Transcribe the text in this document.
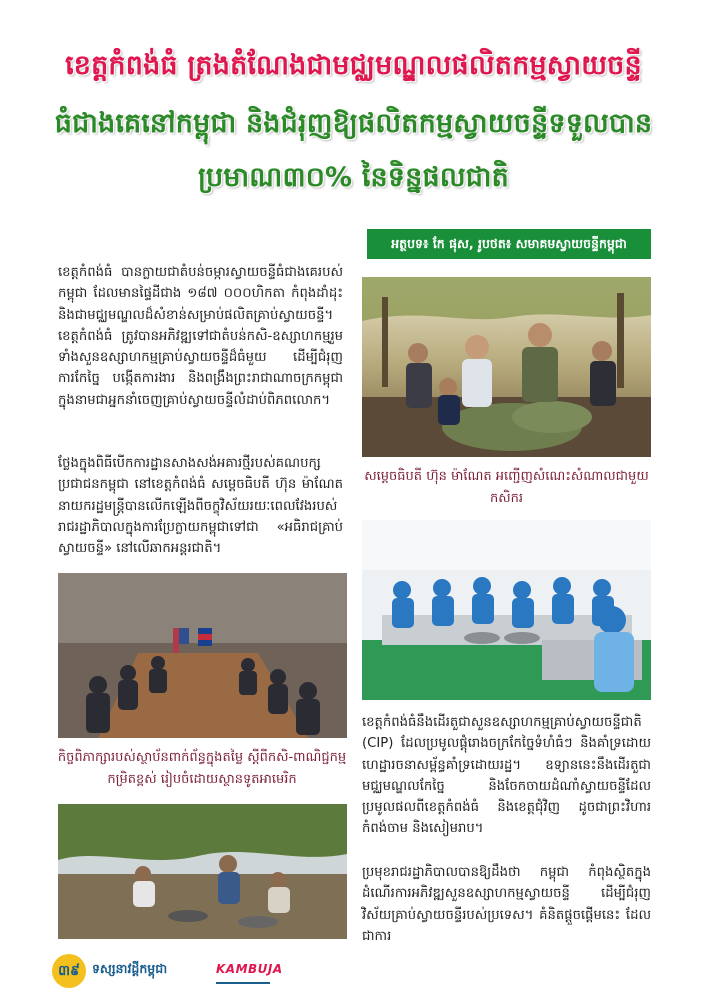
ខេត្តកំពង់ធំ ត្រងតំណែងជាមជ្ឈមណ្ឌលផលិតកម្មស្វាយចន្ទី
ធំជាងគេនៅកម្ពុជា និងជំរុញឱ្យផលិតកម្មស្វាយចន្ទីទទួលបាន
ប្រមាណ៣០% នៃទិន្នផលជាតិ
អត្ថបទ៖ កែ ផុស, រូបថត៖ សមាគមស្វាយចន្ទីកម្ពុជា

ខេត្តកំពង់ធំ បានក្លាយជាតំបន់ចម្ការស្វាយចន្ទីធំជាងគេរបស់កម្ពុជា ដែលមានផ្ទៃដីជាង ១៨៧ ០០០ហិកតា កំពុងដាំដុះ និងជាមជ្ឈមណ្ឌលដ៏សំខាន់សម្រាប់ផលិតគ្រាប់ស្វាយចន្ទី។ ខេត្តកំពង់ធំ ត្រូវបានអភិវឌ្ឍទៅជាតំបន់កសិ-ឧស្សាហកម្មរួមទាំងសួនឧស្សាហកម្មគ្រាប់ស្វាយចន្ទីដ៏ធំមួយ ដើម្បីជំរុញការកែច្នៃ បង្កើតការងារ និងពង្រឹងព្រះរាជាណាចក្រកម្ពុជា ក្នុងនាមជាអ្នកនាំចេញគ្រាប់ស្វាយចន្ទីលំដាប់ពិភពលោក។

ថ្លែងក្នុងពិធីបើកការដ្ឋានសាងសង់អគារថ្មីរបស់គណបក្សប្រជាជនកម្ពុជា នៅខេត្តកំពង់ធំ សម្តេចធិបតី ហ៊ុន ម៉ាណែត នាយករដ្ឋមន្ត្រីបានលើកឡើងពីចក្ខុវិស័យរយៈពេលវែងរបស់រាជរដ្ឋាភិបាលក្នុងការប្រែក្លាយកម្ពុជាទៅជា «អធិរាជគ្រាប់ស្វាយចន្ទី» នៅលើឆាកអន្តរជាតិ។

សម្តេចធិបតី ហ៊ុន ម៉ាណែត អញ្ជើញសំណេះសំណាលជាមួយកសិករ

កិច្ចពិភាក្សារបស់ស្ថាប័នពាក់ព័ន្ធក្នុងតម្លៃ ស្តីពីកសិ-ពាណិជ្ជកម្មកម្រិតខ្ពស់ រៀបចំដោយស្ថានទូតអាមេរិក

ខេត្តកំពង់ធំនឹងដើរតួជាសួនឧស្សាហកម្មគ្រាប់ស្វាយចន្ទីជាតិ (CIP) ដែលប្រមូលផ្តុំរោងចក្រកែច្នៃទំហំធំៗ និងគាំទ្រដោយហេដ្ឋារចនាសម្ព័ន្ធគាំទ្រដោយរដ្ឋ។ ឧទ្យាននេះនឹងដើរតួជាមជ្ឈមណ្ឌលកែច្នៃ និងចែកចាយដំណាំស្វាយចន្ទីដែលប្រមូលផលពីខេត្តកំពង់ធំ និងខេត្តជុំវិញ ដូចជាព្រះវិហារ កំពង់ចាម និងសៀមរាប។

ប្រមុខរាជរដ្ឋាភិបាលបានឱ្យដឹងថា កម្ពុជា កំពុងស្ថិតក្នុងដំណើរការអភិវឌ្ឍសួនឧស្សាហកម្មស្វាយចន្ទី ដើម្បីជំរុញវិស័យគ្រាប់ស្វាយចន្ទីរបស់ប្រទេស។ គំនិតផ្តួចផ្តើមនេះ ដែលជាការ

៣៩ ទស្សនាវដ្តីកម្ពុជា	KAMBUJA
